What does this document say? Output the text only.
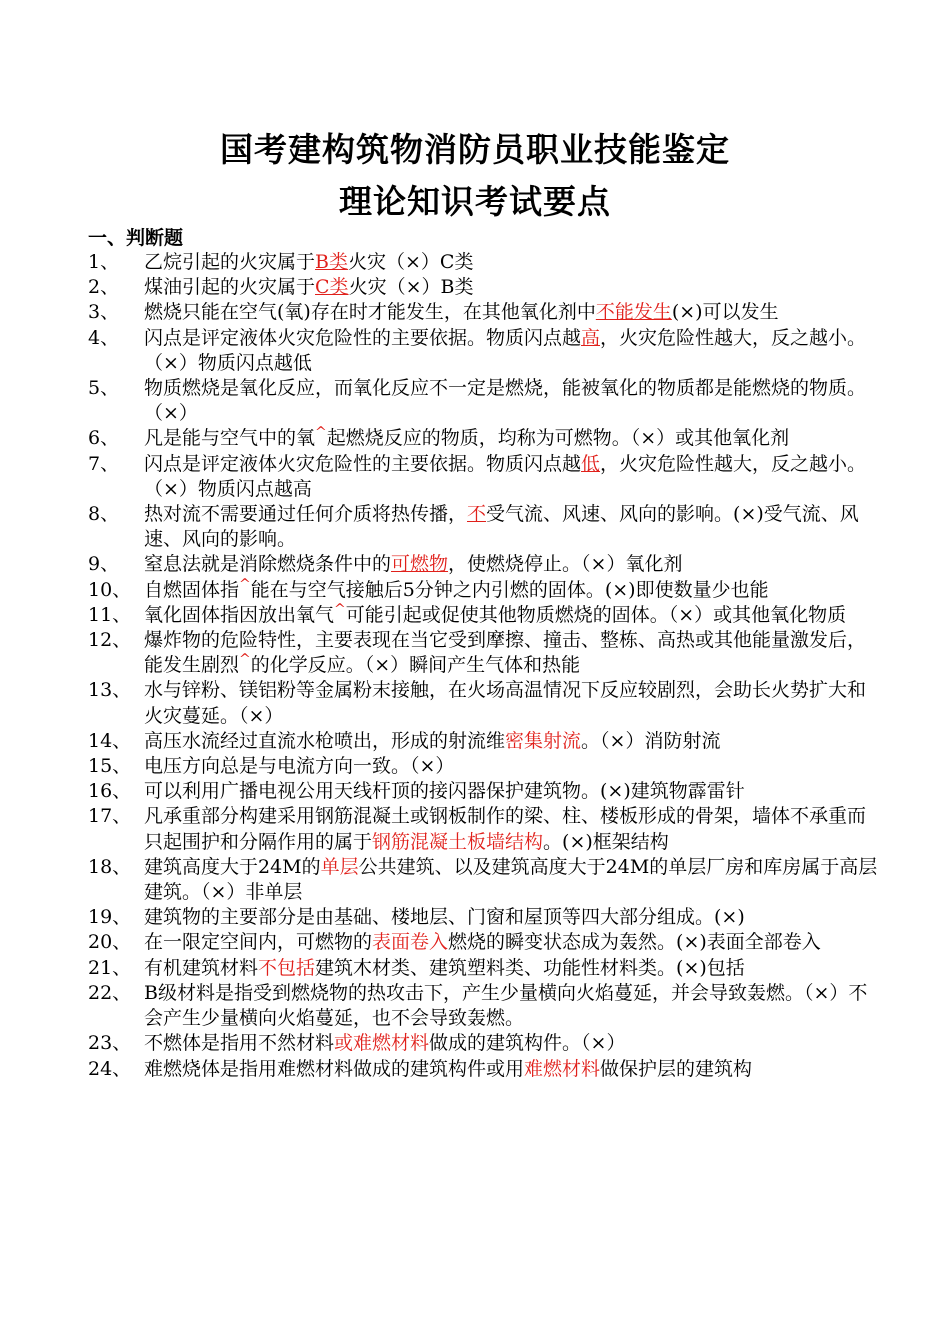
国考建构筑物消防员职业技能鉴定
理论知识考试要点
一、判断题
1、	乙烷引起的火灾属于B类火灾（×）C类
2、	煤油引起的火灾属于C类火灾（×）B类
3、	燃烧只能在空气(氧)存在时才能发生，在其他氧化剂中不能发生(×)可以发生
4、	闪点是评定液体火灾危险性的主要依据。物质闪点越高，火灾危险性越大，反之越小。（×）物质闪点越低
5、	物质燃烧是氧化反应，而氧化反应不一定是燃烧，能被氧化的物质都是能燃烧的物质。（×）
6、	凡是能与空气中的氧^起燃烧反应的物质，均称为可燃物。（×）或其他氧化剂
7、	闪点是评定液体火灾危险性的主要依据。物质闪点越低，火灾危险性越大，反之越小。（×）物质闪点越高
8、	热对流不需要通过任何介质将热传播，不受气流、风速、风向的影响。(×)受气流、风速、风向的影响。
9、	窒息法就是消除燃烧条件中的可燃物，使燃烧停止。（×）氧化剂
10、 自燃固体指^能在与空气接触后5分钟之内引燃的固体。(×)即使数量少也能
11、 氧化固体指因放出氧气^可能引起或促使其他物质燃烧的固体。（×）或其他氧化物质
12、 爆炸物的危险特性，主要表现在当它受到摩擦、撞击、整栋、高热或其他能量激发后，能发生剧烈^的化学反应。（×）瞬间产生气体和热能
13、 水与锌粉、镁铝粉等金属粉末接触，在火场高温情况下反应较剧烈，会助长火势扩大和火灾蔓延。（×）
14、 高压水流经过直流水枪喷出，形成的射流维密集射流。（×）消防射流
15、 电压方向总是与电流方向一致。（×）
16、 可以利用广播电视公用天线杆顶的接闪器保护建筑物。(×)建筑物霹雷针
17、 凡承重部分构建采用钢筋混凝土或钢板制作的梁、柱、楼板形成的骨架，墙体不承重而只起围护和分隔作用的属于钢筋混凝土板墙结构。(×)框架结构
18、 建筑高度大于24M的单层公共建筑、以及建筑高度大于24M的单层厂房和库房属于高层建筑。（×）非单层
19、 建筑物的主要部分是由基础、楼地层、门窗和屋顶等四大部分组成。(×)
20、 在一限定空间内，可燃物的表面卷入燃烧的瞬变状态成为轰然。(×)表面全部卷入
21、 有机建筑材料不包括建筑木材类、建筑塑料类、功能性材料类。(×)包括
22、 B级材料是指受到燃烧物的热攻击下，产生少量横向火焰蔓延，并会导致轰燃。（×）不会产生少量横向火焰蔓延，也不会导致轰燃。
23、 不燃体是指用不然材料或难燃材料做成的建筑构件。（×）
24、 难燃烧体是指用难燃材料做成的建筑构件或用难燃材料做保护层的建筑构
